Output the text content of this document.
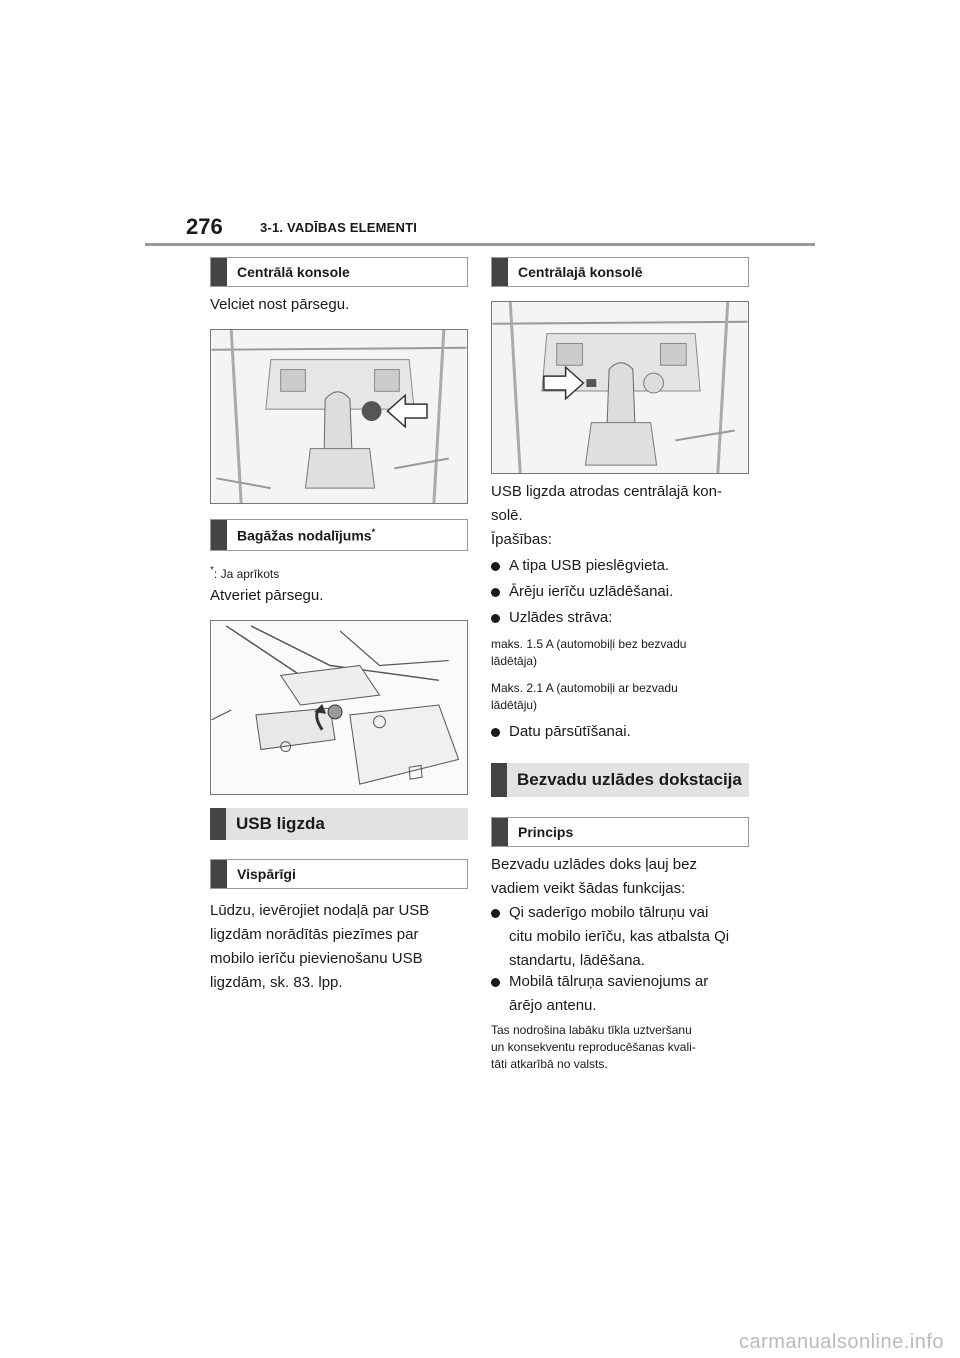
276	3-1. VADĪBAS ELEMENTI
Centrālā konsole
Velciet nost pārsegu.
Bagāžas nodalījums*
*: Ja aprīkots
Atveriet pārsegu.
USB ligzda
Vispārīgi
Lūdzu, ievērojiet nodaļā par USB
ligzdām norādītās piezīmes par
mobilo ierīču pievienošanu USB
ligzdām, sk. 83. lpp.
Centrālajā konsolē
USB ligzda atrodas centrālajā kon-
solē.
Īpašības:
A tipa USB pieslēgvieta.
Ārēju ierīču uzlādēšanai.
Uzlādes strāva:
maks. 1.5 A (automobiļi bez bezvadu
lādētāja)
Maks. 2.1 A (automobiļi ar bezvadu
lādētāju)
Datu pārsūtīšanai.
Bezvadu uzlādes dokstacija
Princips
Bezvadu uzlādes doks ļauj bez
vadiem veikt šādas funkcijas:
Qi saderīgo mobilo tālruņu vai
citu mobilo ierīču, kas atbalsta Qi
standartu, lādēšana.
Mobilā tālruņa savienojums ar
ārējo antenu.
Tas nodrošina labāku tīkla uztveršanu
un konsekventu reproducēšanas kvali-
tāti atkarībā no valsts.
carmanualsonline.info
